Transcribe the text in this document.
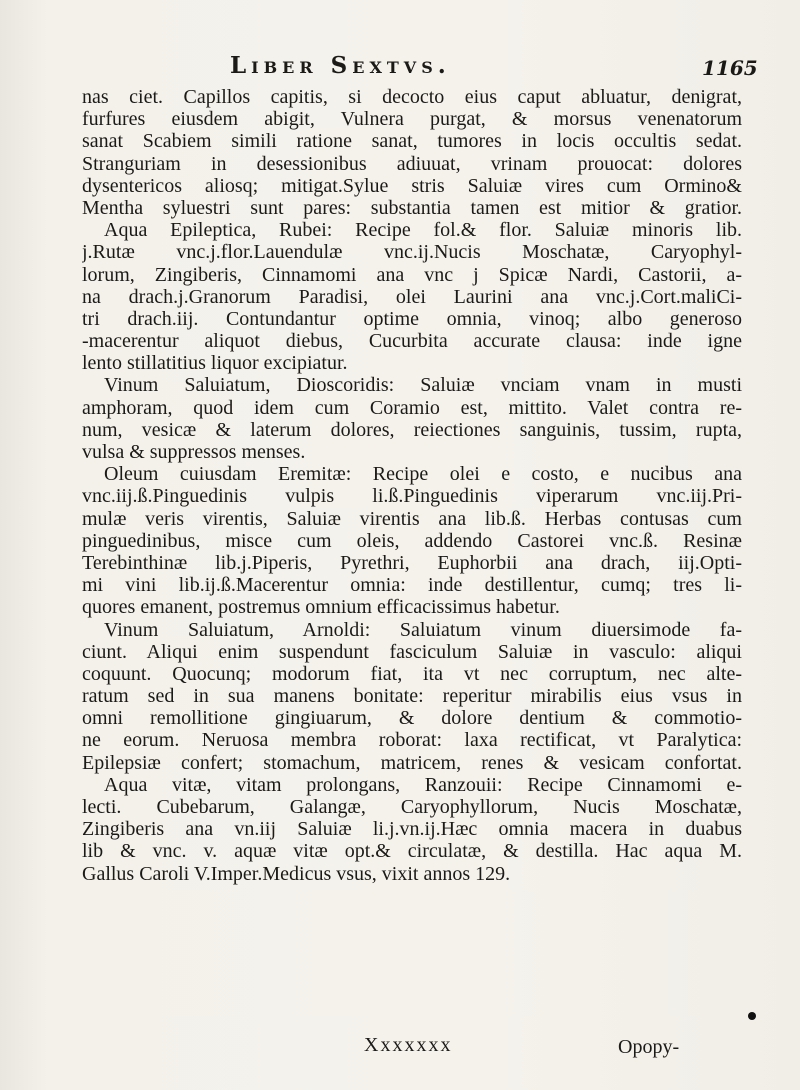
Liber Sextvs.	1165
nas ciet. Capillos capitis, si decocto eius caput abluatur, denigrat,
furfures eiusdem abigit, Vulnera purgat, & morsus venenatorum
sanat Scabiem simili ratione sanat, tumores in locis occultis sedat.
Stranguriam in desessionibus adiuuat, vrinam prouocat: dolores
dysentericos aliosq; mitigat.Sylue stris Saluiæ vires cum Ormino&
Mentha syluestri sunt pares: substantia tamen est mitior & gratior.
Aqua Epileptica, Rubei: Recipe fol.& flor. Saluiæ minoris lib.
j.Rutæ vnc.j.flor.Lauendulæ vnc.ij.Nucis Moschatæ, Caryophyl-
lorum, Zingiberis, Cinnamomi ana vnc j Spicæ Nardi, Castorii, a-
na drach.j.Granorum Paradisi, olei Laurini ana vnc.j.Cort.maliCi-
tri drach.iij. Contundantur optime omnia, vinoq; albo generoso
-macerentur aliquot diebus, Cucurbita accurate clausa: inde igne
lento stillatitius liquor excipiatur.
Vinum Saluiatum, Dioscoridis: Saluiæ vnciam vnam in musti
amphoram, quod idem cum Coramio est, mittito. Valet contra re-
num, vesicæ & laterum dolores, reiectiones sanguinis, tussim, rupta,
vulsa & suppressos menses.
Oleum cuiusdam Eremitæ: Recipe olei e costo, e nucibus ana
vnc.iij.ß.Pinguedinis vulpis li.ß.Pinguedinis viperarum vnc.iij.Pri-
mulæ veris virentis, Saluiæ virentis ana lib.ß. Herbas contusas cum
pinguedinibus, misce cum oleis, addendo Castorei vnc.ß. Resinæ
Terebinthinæ lib.j.Piperis, Pyrethri, Euphorbii ana drach, iij.Opti-
mi vini lib.ij.ß.Macerentur omnia: inde destillentur, cumq; tres li-
quores emanent, postremus omnium efficacissimus habetur.
Vinum Saluiatum, Arnoldi: Saluiatum vinum diuersimode fa-
ciunt. Aliqui enim suspendunt fasciculum Saluiæ in vasculo: aliqui
coquunt. Quocunq; modorum fiat, ita vt nec corruptum, nec alte-
ratum sed in sua manens bonitate: reperitur mirabilis eius vsus in
omni remollitione gingiuarum, & dolore dentium & commotio-
ne eorum. Neruosa membra roborat: laxa rectificat, vt Paralytica:
Epilepsiæ confert; stomachum, matricem, renes & vesicam confortat.
Aqua vitæ, vitam prolongans, Ranzouii: Recipe Cinnamomi e-
lecti. Cubebarum, Galangæ, Caryophyllorum, Nucis Moschatæ,
Zingiberis ana vn.iij Saluiæ li.j.vn.ij.Hæc omnia macera in duabus
lib & vnc. v. aquæ vitæ opt.& circulatæ, & destilla. Hac aqua M.
Gallus Caroli V.Imper.Medicus vsus, vixit annos 129.
Xxxxxxx	Opopy-
